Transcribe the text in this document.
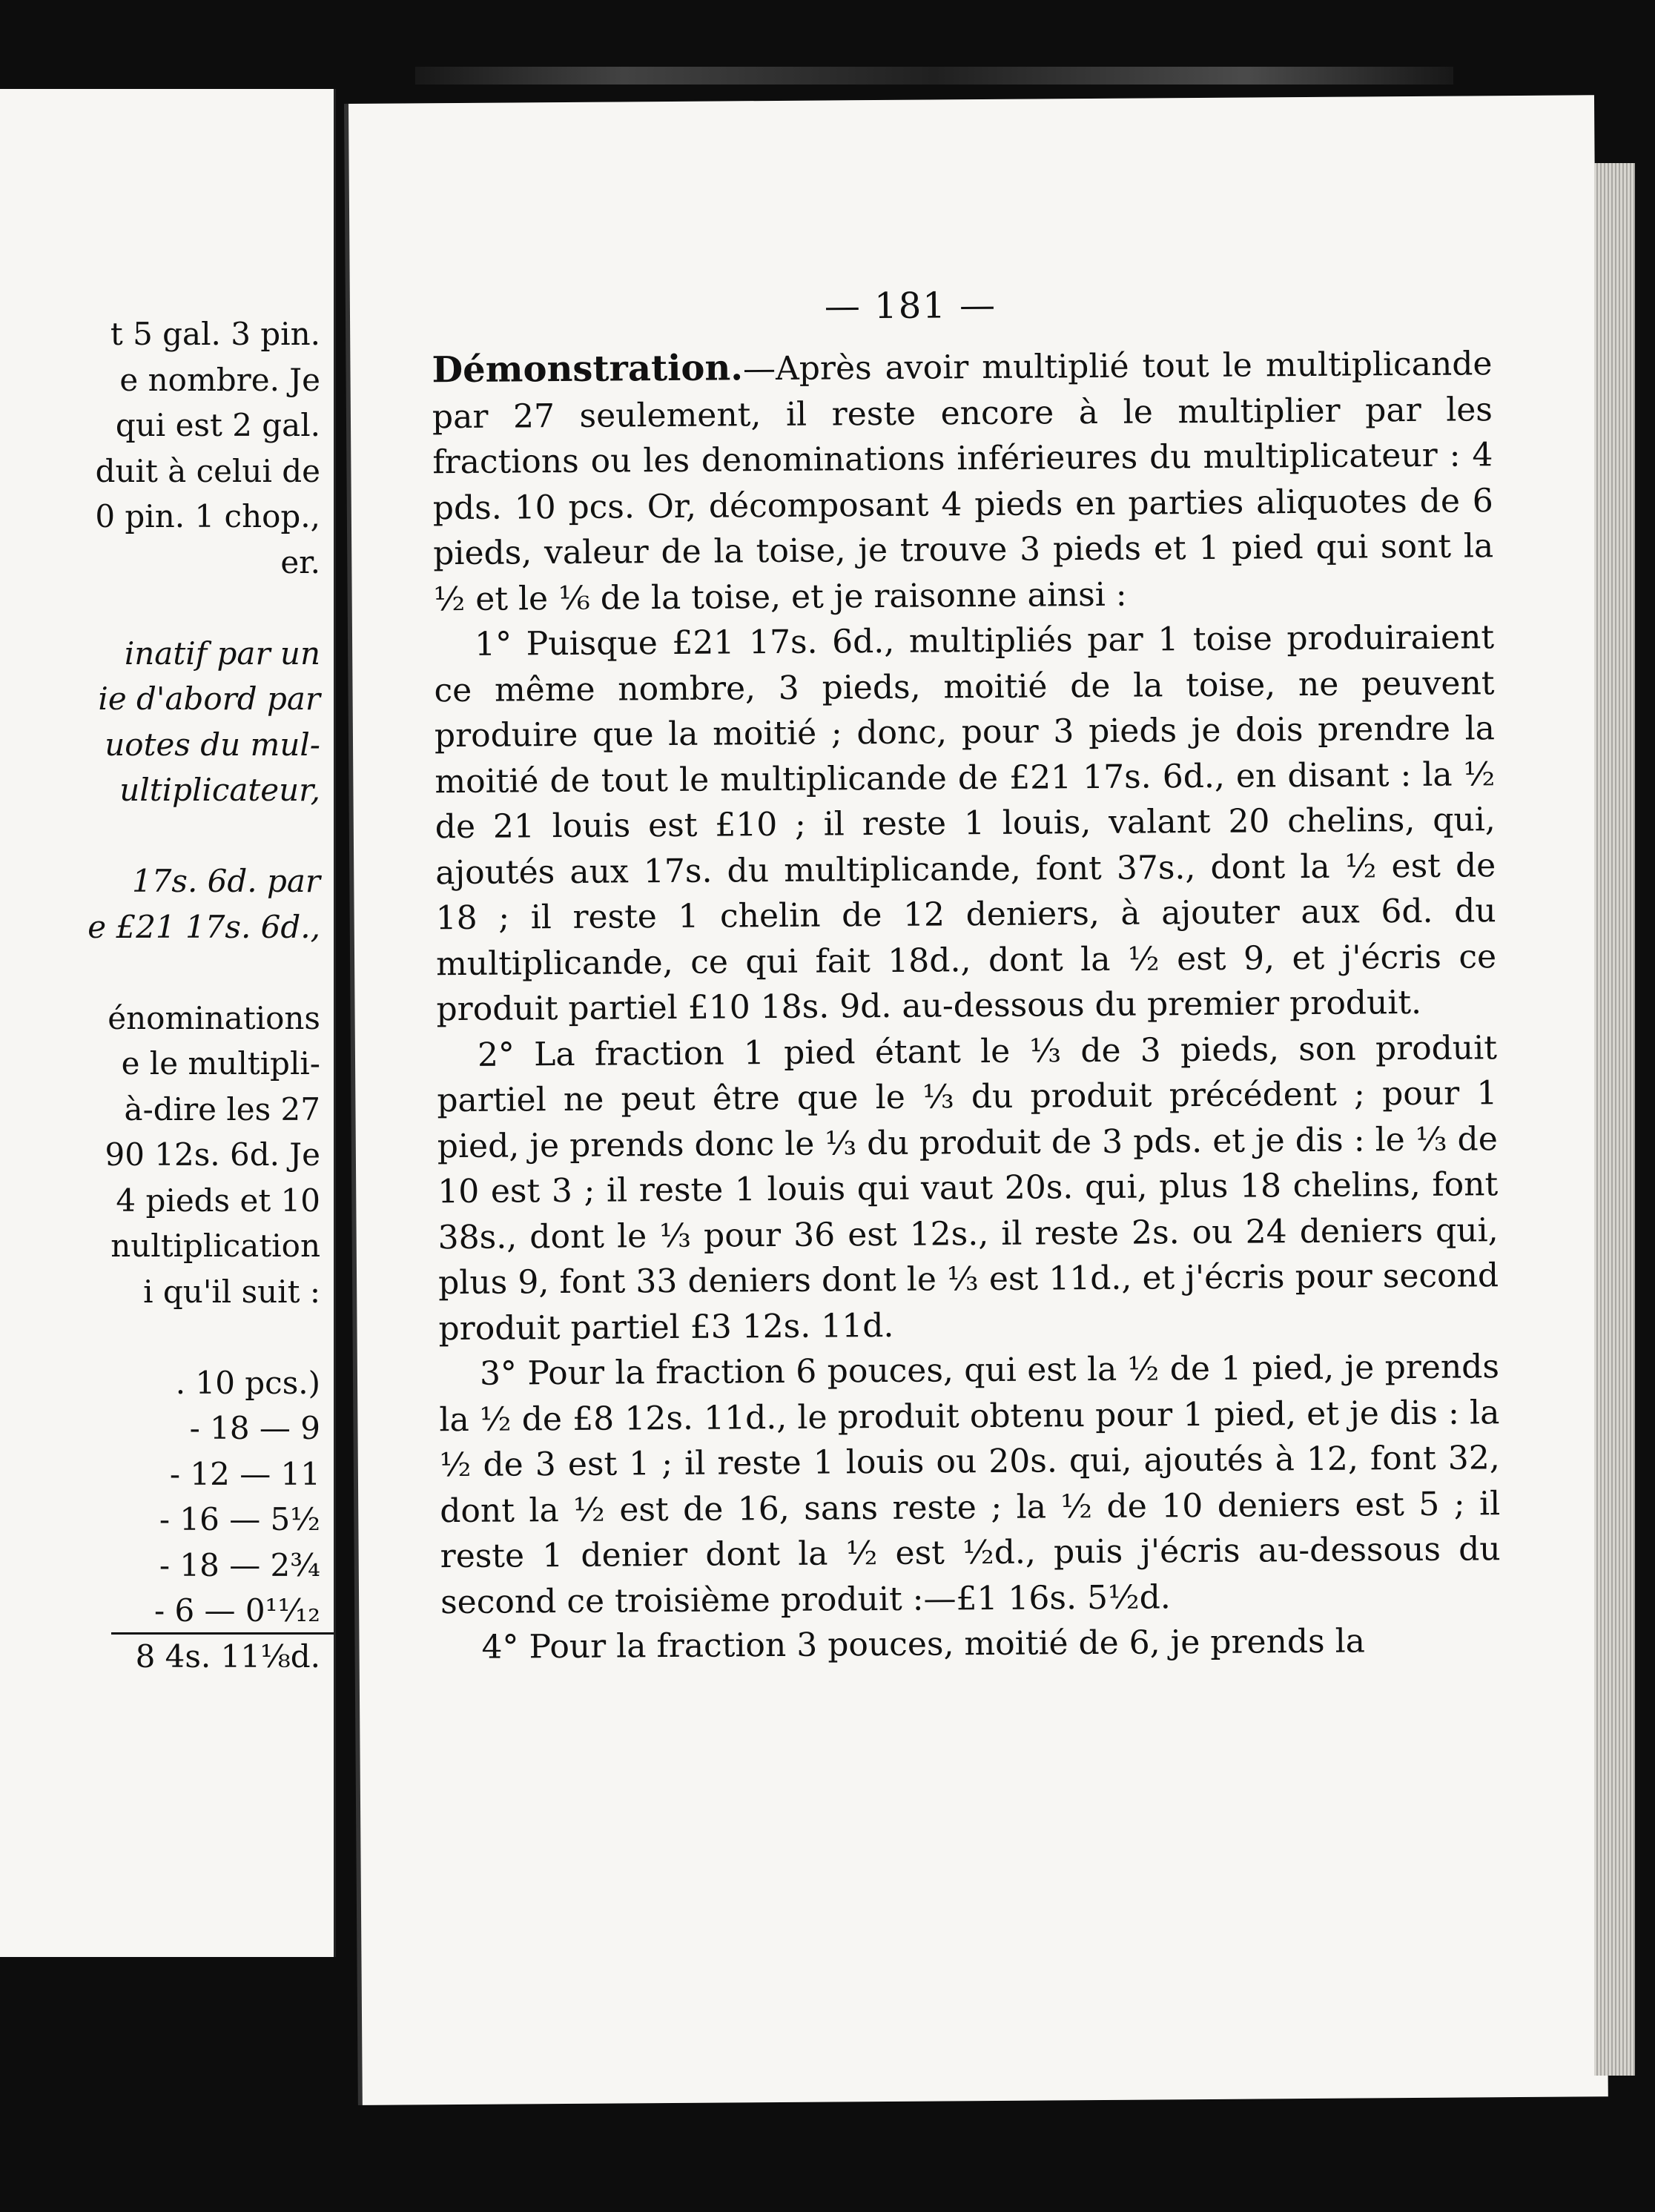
t 5 gal. 3 pin.
e nombre. Je
qui est 2 gal.
duit à celui de
0 pin. 1 chop.,
er.
inatif par un
ie d'abord par
uotes du mul-
ultiplicateur,
17s. 6d. par
e £21 17s. 6d.,
énominations
e le multipli-
à-dire les 27
90 12s. 6d. Je
4 pieds et 10
nultiplication
i qu'il suit :
. 10 pcs.)
- 18 — 9
- 12 — 11
- 16 — 5½
- 18 — 2¾
- 6 — 0¹¹⁄₁₂
8 4s. 11⅛d.
— 181 —

Démonstration.—Après avoir multiplié tout le multiplicande par 27 seulement, il reste encore à le multiplier par les fractions ou les denominations inférieures du multiplicateur : 4 pds. 10 pcs. Or, décomposant 4 pieds en parties aliquotes de 6 pieds, valeur de la toise, je trouve 3 pieds et 1 pied qui sont la ½ et le ⅙ de la toise, et je raisonne ainsi :

1° Puisque £21 17s. 6d., multipliés par 1 toise produiraient ce même nombre, 3 pieds, moitié de la toise, ne peuvent produire que la moitié ; donc, pour 3 pieds je dois prendre la moitié de tout le multiplicande de £21 17s. 6d., en disant : la ½ de 21 louis est £10 ; il reste 1 louis, valant 20 chelins, qui, ajoutés aux 17s. du multiplicande, font 37s., dont la ½ est de 18 ; il reste 1 chelin de 12 deniers, à ajouter aux 6d. du multiplicande, ce qui fait 18d., dont la ½ est 9, et j'écris ce produit partiel £10 18s. 9d. au-dessous du premier produit.

2° La fraction 1 pied étant le ⅓ de 3 pieds, son produit partiel ne peut être que le ⅓ du produit précédent ; pour 1 pied, je prends donc le ⅓ du produit de 3 pds. et je dis : le ⅓ de 10 est 3 ; il reste 1 louis qui vaut 20s. qui, plus 18 chelins, font 38s., dont le ⅓ pour 36 est 12s., il reste 2s. ou 24 deniers qui, plus 9, font 33 deniers dont le ⅓ est 11d., et j'écris pour second produit partiel £3 12s. 11d.

3° Pour la fraction 6 pouces, qui est la ½ de 1 pied, je prends la ½ de £8 12s. 11d., le produit obtenu pour 1 pied, et je dis : la ½ de 3 est 1 ; il reste 1 louis ou 20s. qui, ajoutés à 12, font 32, dont la ½ est de 16, sans reste ; la ½ de 10 deniers est 5 ; il reste 1 denier dont la ½ est ½d., puis j'écris au-dessous du second ce troisième produit :—£1 16s. 5½d.

4° Pour la fraction 3 pouces, moitié de 6, je prends la
